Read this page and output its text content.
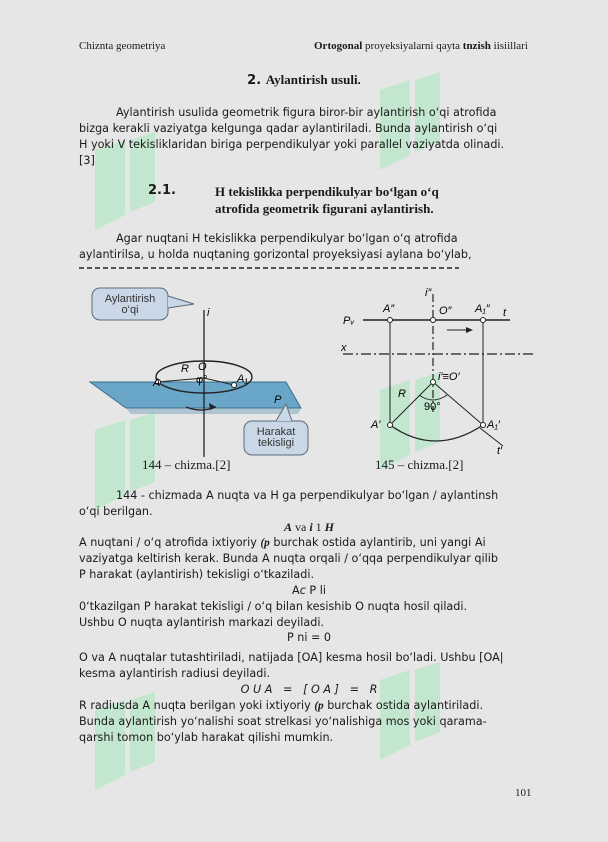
Chiznta geometriya	Ortogonal proyeksiyalarni qayta tnzish iisiillari
2. Aylantirish usuli.
Aylantirish usulida geometrik figura biror-bir aylantirish o‘qi atrofida
bizga kerakli vaziyatga kelgunga qadar aylantiriladi. Bunda aylantirish o‘qi
H yoki V tekisliklaridan biriga perpendikulyar yoki parallel vaziyatda olinadi.
[3]
2.1.	H tekislikka perpendikulyar bo‘lgan o‘q
atrofida geometrik figurani aylantirish.
Agar nuqtani H tekislikka perpendikulyar bo‘lgan o‘q atrofida
aylantirilsa, u holda nuqtaning gorizontal proyeksiyasi aylana bo‘ylab,
A	A₁
R O
φ°
i
P
Aylantirish
o‘qi
Harakat
tekisligi
144 – chizma.[2]
i″
Pᵥ
A″	O″ A₁″ t
x
i′≡O′
R
90°
A′	A₁′
t′
145 – chizma.[2]
144 - chizmada A nuqta va H ga perpendikulyar bo‘lgan / aylantinsh
o‘qi berilgan.
A va i 1 H
A nuqtani / o‘q atrofida ixtiyoriy (p burchak ostida aylantirib, uni yangi Ai
vaziyatga keltirish kerak. Bunda A nuqta orqali / o‘qqa perpendikulyar qilib
P harakat (aylantirish) tekisligi o‘tkaziladi.
Ac P li
0‘tkazilgan P harakat tekisligi / o‘q bilan kesishib O nuqta hosil qiladi.
Ushbu O nuqta aylantirish markazi deyiladi.
P ni = 0
O va A nuqtalar tutashtiriladi, natijada [OA] kesma hosil bo‘ladi. Ushbu [OA|
kesma aylantirish radiusi deyiladi.
O U A   =   [ O A ]   =   R
R radiusda A nuqta berilgan yoki ixtiyoriy (p burchak ostida aylantiriladi.
Bunda aylantirish yo‘nalishi soat strelkasi yo‘nalishiga mos yoki qarama-
qarshi tomon bo‘ylab harakat qilishi mumkin.
101
